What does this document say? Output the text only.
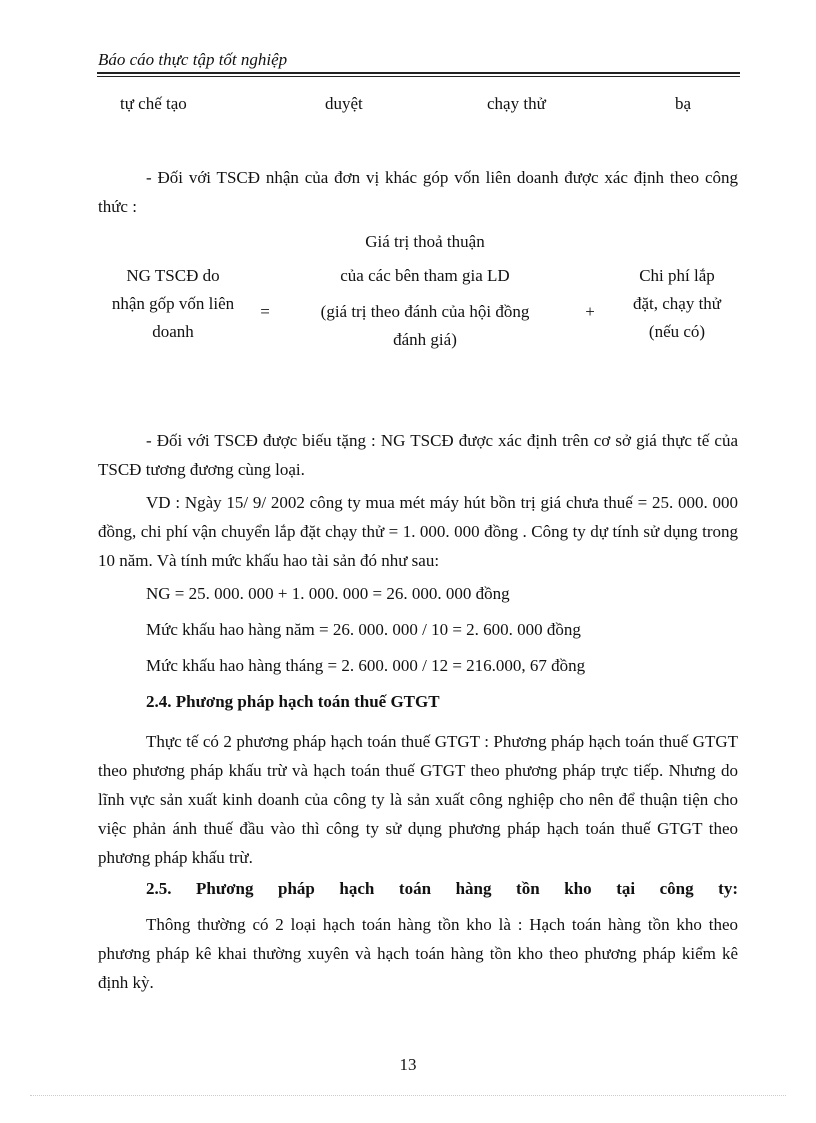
Báo cáo thực tập tốt nghiệp
tự chế tạo	duyệt	chạy thử	bạ
- Đối với TSCĐ nhận của đơn vị khác góp vốn liên doanh được xác định theo công thức :
Giá trị thoả thuận
của các bên tham gia LD
(giá trị theo đánh của hội đồng
đánh giá)
NG TSCĐ do
nhận gốp vốn liên
doanh
=	+
Chi phí lắp
đặt, chạy thử
(nếu có)
- Đối với TSCĐ được biếu tặng : NG TSCĐ được xác định trên cơ sở giá thực tế của TSCĐ tương đương cùng loại.
VD : Ngày 15/ 9/ 2002 công ty mua mét máy hút bồn trị giá chưa thuế = 25. 000. 000 đồng, chi phí vận chuyển lắp đặt chạy thử = 1. 000. 000 đồng . Công ty dự tính sử dụng trong 10 năm. Và tính mức khấu hao tài sản đó như sau:
NG = 25. 000. 000 + 1. 000. 000 = 26. 000. 000 đồng
Mức khấu hao hàng năm = 26. 000. 000 / 10 = 2. 600. 000 đồng
Mức khấu hao hàng tháng = 2. 600. 000 / 12 = 216.000, 67 đồng
2.4. Phương pháp hạch toán thuế GTGT
Thực tế có 2 phương pháp hạch toán thuế GTGT : Phương pháp hạch toán thuế GTGT theo phương pháp khấu trừ và hạch toán thuế GTGT theo phương pháp trực tiếp. Nhưng do lĩnh vực sản xuất kinh doanh của công ty là sản xuất công nghiệp cho nên để thuận tiện cho việc phản ánh thuế đầu vào thì công ty sử dụng phương pháp hạch toán thuế GTGT theo phương pháp khấu trừ.
2.5. Phương pháp hạch toán hàng tồn kho tại công ty:
Thông thường có 2 loại hạch toán hàng tồn kho là : Hạch toán hàng tồn kho theo phương pháp kê khai thường xuyên và hạch toán hàng tồn kho theo phương pháp kiểm kê định kỳ.
13
